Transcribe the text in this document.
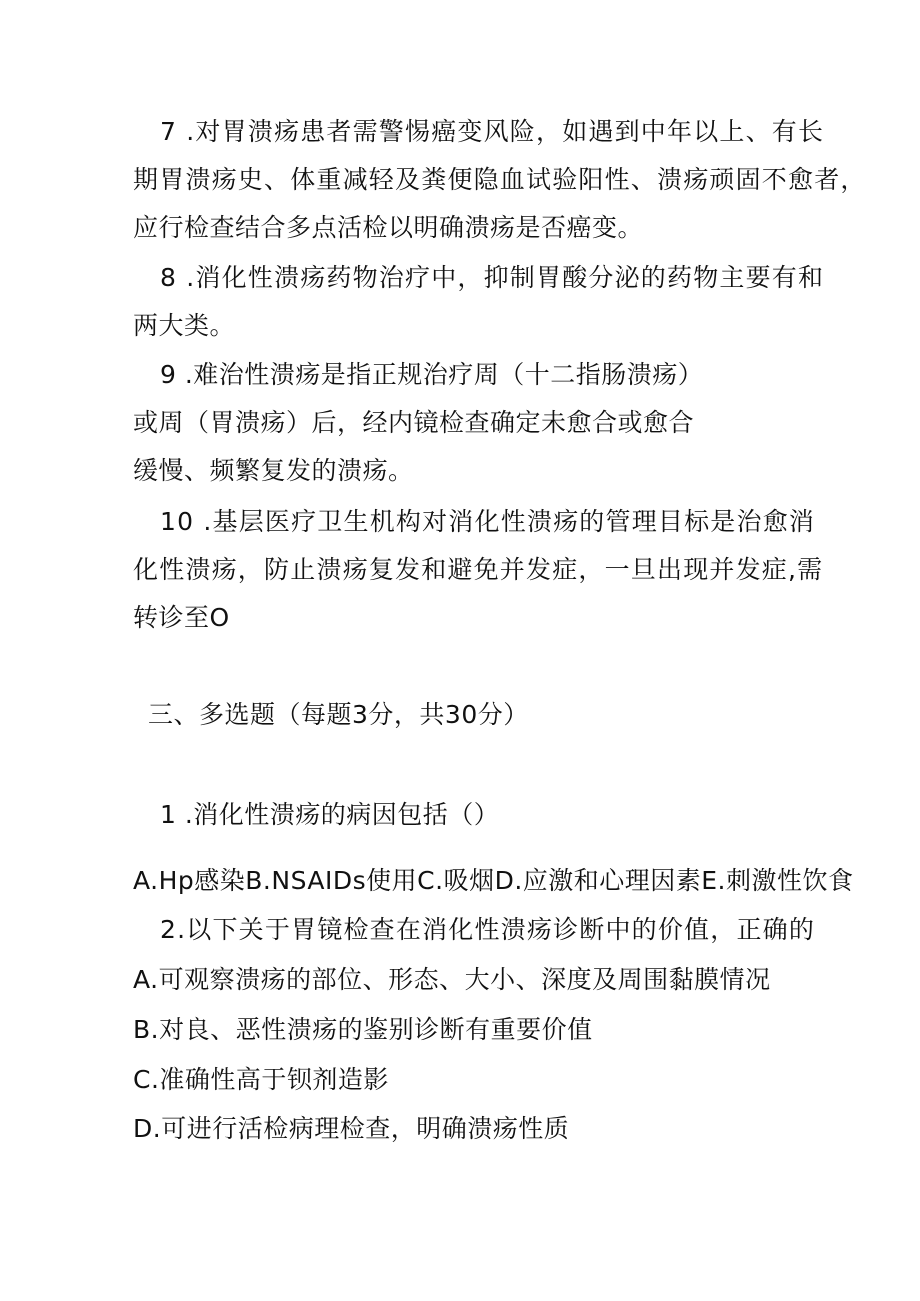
7 .对胃溃疡患者需警惕癌变风险，如遇到中年以上、有长
期胃溃疡史、体重减轻及粪便隐血试验阳性、溃疡顽固不愈者，
应行检查结合多点活检以明确溃疡是否癌变。
8 .消化性溃疡药物治疗中，抑制胃酸分泌的药物主要有和
两大类。
9 .难治性溃疡是指正规治疗周（十二指肠溃疡）
或周（胃溃疡）后，经内镜检查确定未愈合或愈合
缓慢、频繁复发的溃疡。
10 .基层医疗卫生机构对消化性溃疡的管理目标是治愈消
化性溃疡，防止溃疡复发和避免并发症，一旦出现并发症,需
转诊至O
三、多选题（每题3分，共30分）
1 .消化性溃疡的病因包括（）
A.Hp感染B.NSAIDs使用C.吸烟D.应激和心理因素E.刺激性饮食
2.以下关于胃镜检查在消化性溃疡诊断中的价值，正确的
A.可观察溃疡的部位、形态、大小、深度及周围黏膜情况
B.对良、恶性溃疡的鉴别诊断有重要价值
C.准确性高于钡剂造影
D.可进行活检病理检查，明确溃疡性质
